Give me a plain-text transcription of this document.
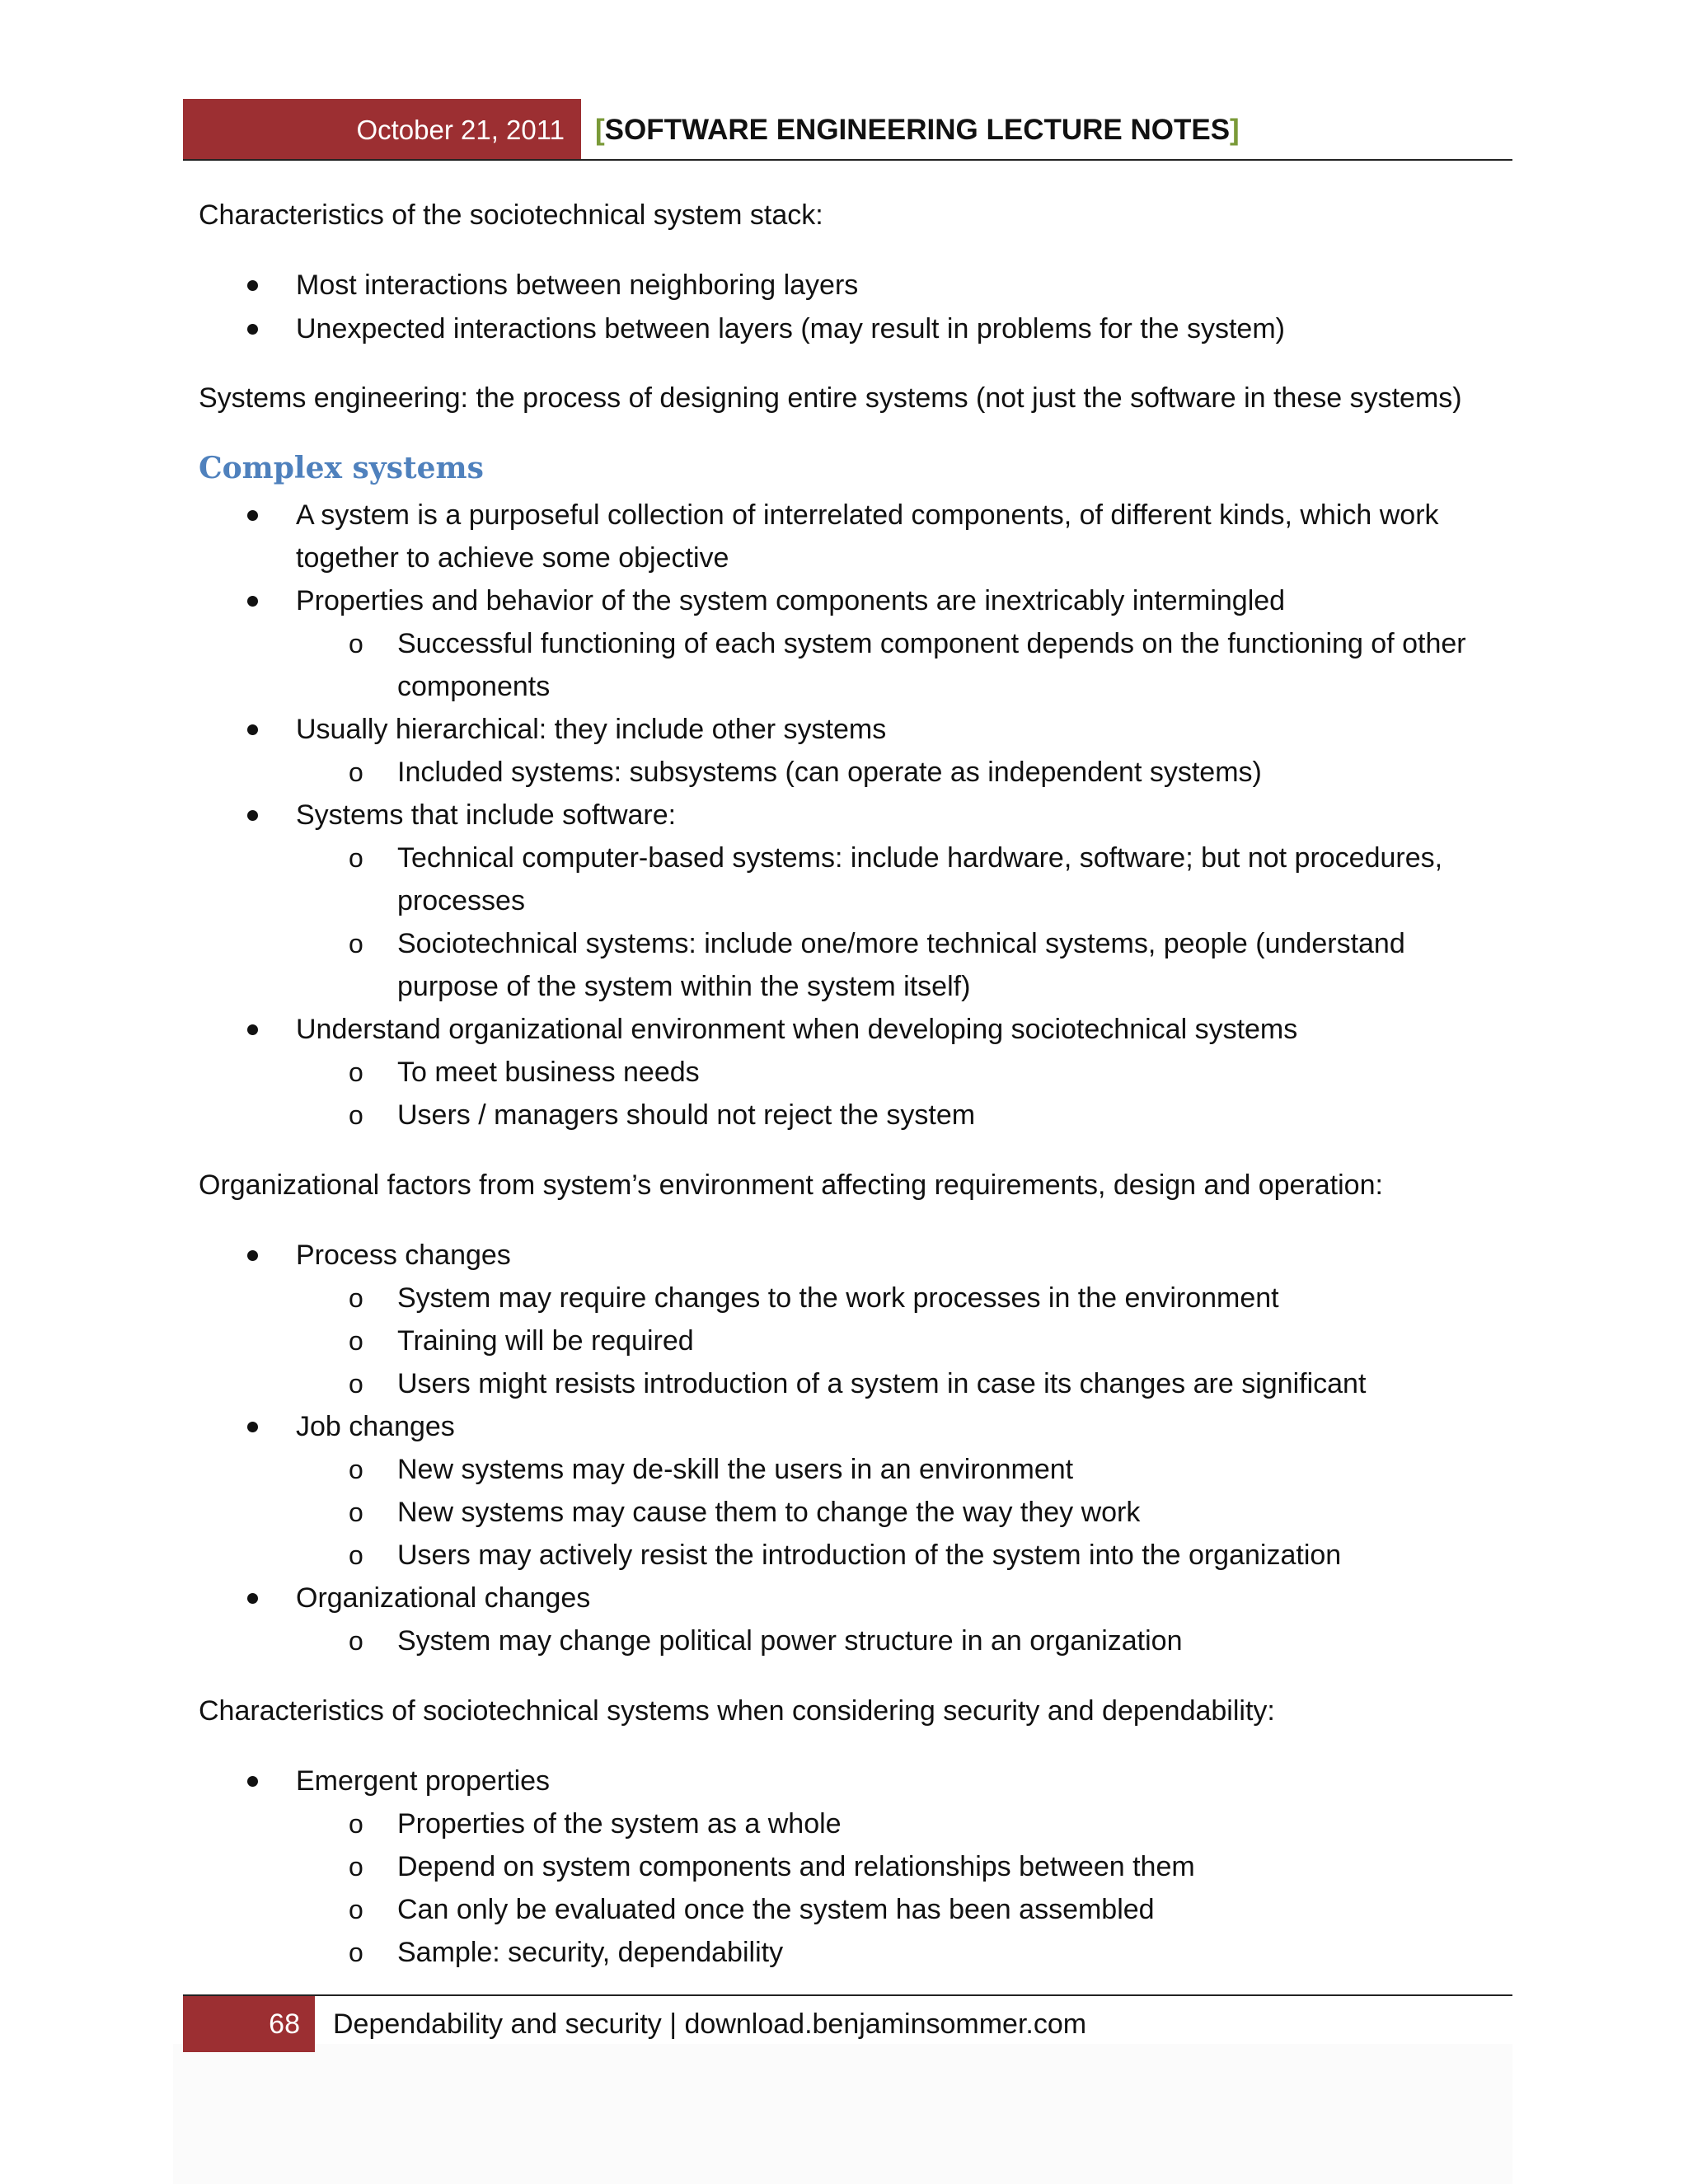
October 21, 2011 [ SOFTWARE ENGINEERING LECTURE NOTES ]

Characteristics of the sociotechnical system stack:

Most interactions between neighboring layers
Unexpected interactions between layers (may result in problems for the system)

Systems engineering: the process of designing entire systems (not just the software in these systems)

Complex systems
A system is a purposeful collection of interrelated components, of different kinds, which work
together to achieve some objective
Properties and behavior of the system components are inextricably intermingled
o Successful functioning of each system component depends on the functioning of other
components
Usually hierarchical: they include other systems
o Included systems: subsystems (can operate as independent systems)
Systems that include software:
o Technical computer-based systems: include hardware, software; but not procedures,
processes
o Sociotechnical systems: include one/more technical systems, people (understand
purpose of the system within the system itself)
Understand organizational environment when developing sociotechnical systems
o To meet business needs
o Users / managers should not reject the system

Organizational factors from system’s environment affecting requirements, design and operation:

Process changes
o System may require changes to the work processes in the environment
o Training will be required
o Users might resists introduction of a system in case its changes are significant
Job changes
o New systems may de-skill the users in an environment
o New systems may cause them to change the way they work
o Users may actively resist the introduction of the system into the organization
Organizational changes
o System may change political power structure in an organization

Characteristics of sociotechnical systems when considering security and dependability:

Emergent properties
o Properties of the system as a whole
o Depend on system components and relationships between them
o Can only be evaluated once the system has been assembled
o Sample: security, dependability
68 Dependability and security | download.benjaminsommer.com
